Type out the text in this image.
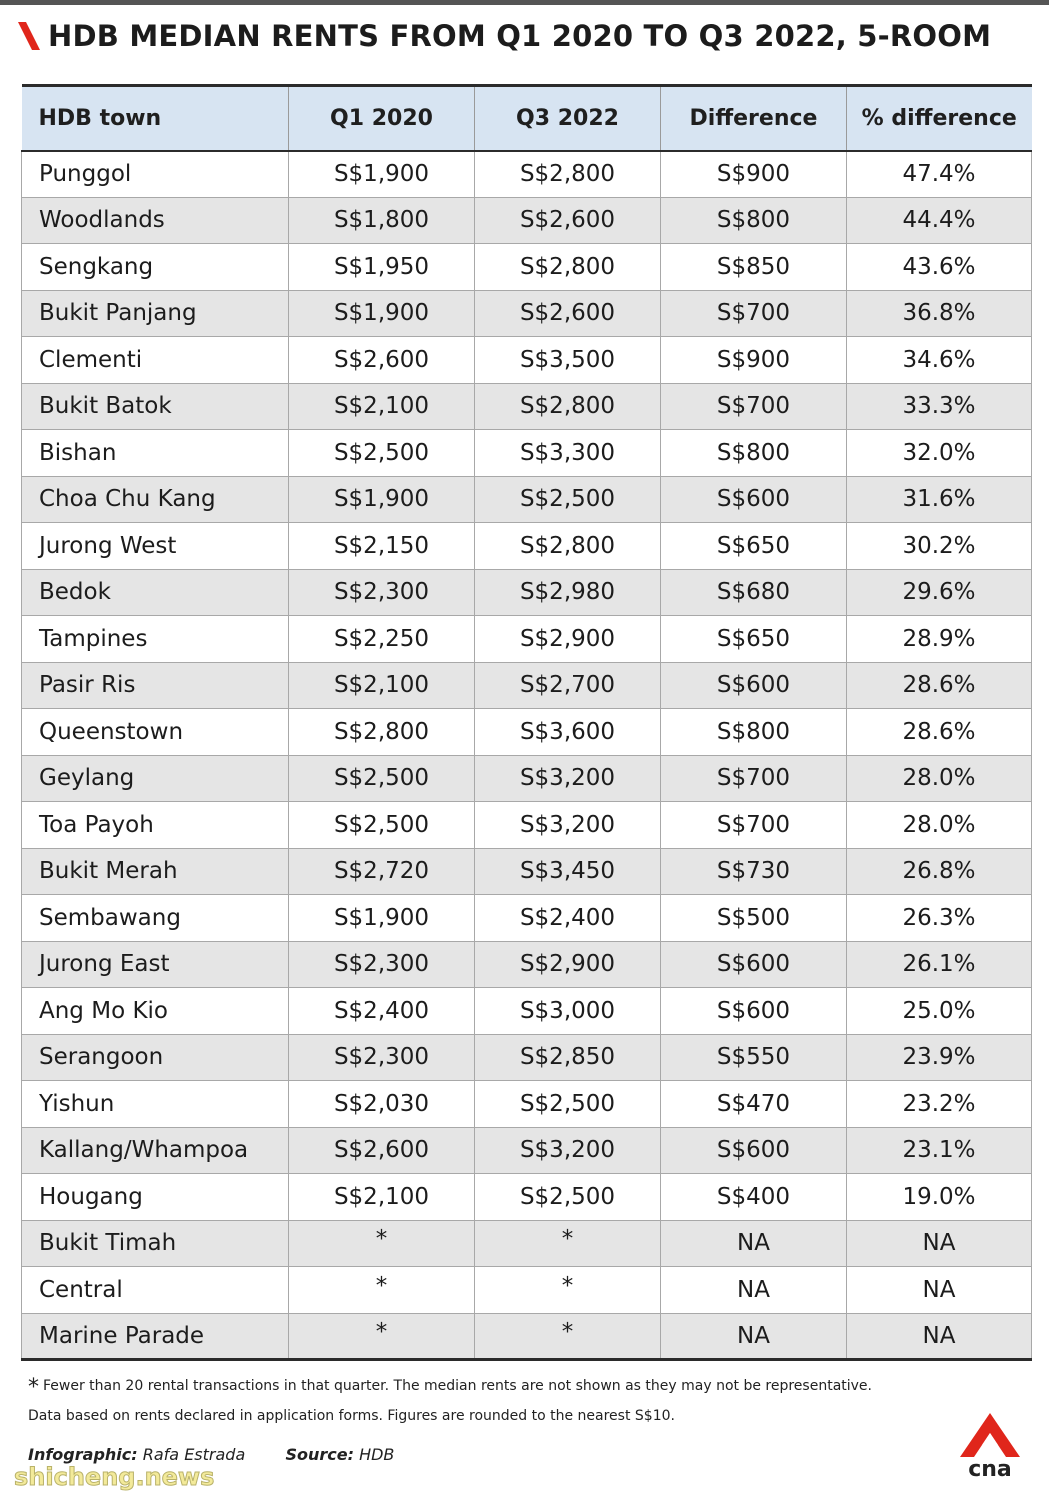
HDB MEDIAN RENTS FROM Q1 2020 TO Q3 2022, 5-ROOM
HDB town	Q1 2020	Q3 2022	Difference	% difference
Punggol	S$1,900	S$2,800	S$900	47.4%
Woodlands	S$1,800	S$2,600	S$800	44.4%
Sengkang	S$1,950	S$2,800	S$850	43.6%
Bukit Panjang	S$1,900	S$2,600	S$700	36.8%
Clementi	S$2,600	S$3,500	S$900	34.6%
Bukit Batok	S$2,100	S$2,800	S$700	33.3%
Bishan	S$2,500	S$3,300	S$800	32.0%
Choa Chu Kang	S$1,900	S$2,500	S$600	31.6%
Jurong West	S$2,150	S$2,800	S$650	30.2%
Bedok	S$2,300	S$2,980	S$680	29.6%
Tampines	S$2,250	S$2,900	S$650	28.9%
Pasir Ris	S$2,100	S$2,700	S$600	28.6%
Queenstown	S$2,800	S$3,600	S$800	28.6%
Geylang	S$2,500	S$3,200	S$700	28.0%
Toa Payoh	S$2,500	S$3,200	S$700	28.0%
Bukit Merah	S$2,720	S$3,450	S$730	26.8%
Sembawang	S$1,900	S$2,400	S$500	26.3%
Jurong East	S$2,300	S$2,900	S$600	26.1%
Ang Mo Kio	S$2,400	S$3,000	S$600	25.0%
Serangoon	S$2,300	S$2,850	S$550	23.9%
Yishun	S$2,030	S$2,500	S$470	23.2%
Kallang/Whampoa	S$2,600	S$3,200	S$600	23.1%
Hougang	S$2,100	S$2,500	S$400	19.0%
Bukit Timah	*	*	NA	NA
Central	*	*	NA	NA
Marine Parade	*	*	NA	NA
* Fewer than 20 rental transactions in that quarter. The median rents are not shown as they may not be representative.
Data based on rents declared in application forms. Figures are rounded to the nearest S$10.
Infographic: Rafa Estrada	Source: HDB
cna
shicheng.news
